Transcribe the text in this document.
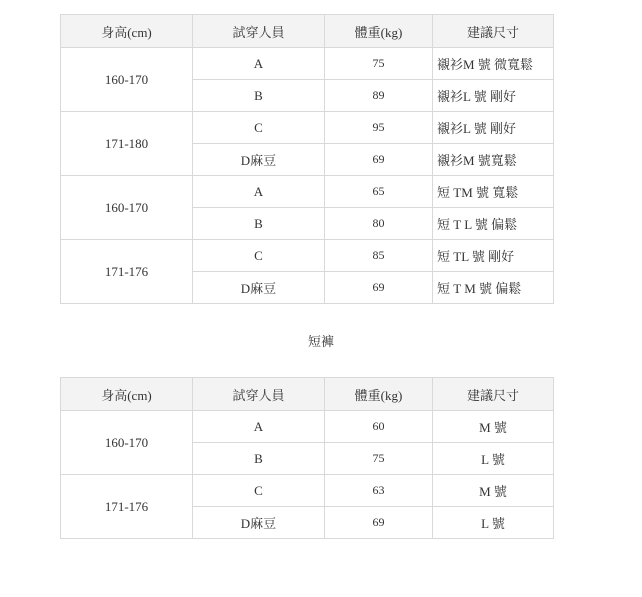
身高(cm)	試穿人員	體重(kg)	建議尺寸
160-170	A	75	襯衫M 號 微寬鬆
	B	89	襯衫L 號 剛好
171-180	C	95	襯衫L 號 剛好
	D麻豆	69	襯衫M 號寬鬆
160-170	A	65	短 TM 號 寬鬆
	B	80	短 T L 號 偏鬆
171-176	C	85	短 TL 號 剛好
	D麻豆	69	短 T M 號 偏鬆
短褲
身高(cm)	試穿人員	體重(kg)	建議尺寸
160-170	A	60	M 號
	B	75	L 號
171-176	C	63	M 號
	D麻豆	69	L 號
